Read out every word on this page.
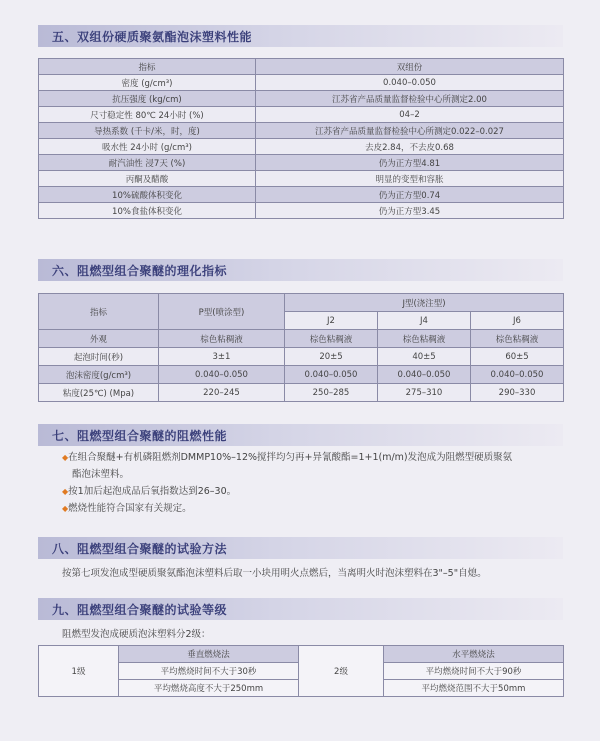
五、双组份硬质聚氨酯泡沫塑料性能
指标	双组份
密度 (g/cm³)	0.040–0.050
抗压强度 (kg/cm)	江苏省产品质量监督检验中心所测定2.00
尺寸稳定性 80℃ 24小时 (%)	04–2
导热系数 (千卡/米，时，度)	江苏省产品质量监督检验中心所测定0.022–0.027
吸水性 24小时 (g/cm³)	去皮2.84，不去皮0.68
耐汽油性 浸7天 (%)	仍为正方型4.81
丙酮及醋酸	明显的变型和容胀
10%硫酸体积变化	仍为正方型0.74
10%食盐体积变化	仍为正方型3.45
六、阻燃型组合聚醚的理化指标
指标	P型(喷涂型)	J型(浇注型)		
		J2	J4	J6
外观	棕色粘稠液	棕色粘稠液	棕色粘稠液	棕色粘稠液
起泡时间(秒)	3±1	20±5	40±5	60±5
泡沫密度(g/cm³)	0.040–0.050	0.040–0.050	0.040–0.050	0.040–0.050
粘度(25℃) (Mpa)	220–245	250–285	275–310	290–330
七、阻燃型组合聚醚的阻燃性能
◆在组合聚醚+有机磷阻燃剂DMMP10%–12%搅拌均匀再+异氰酸酯=1+1(m/m)发泡成为阻燃型硬质聚氨
酯泡沫塑料。
◆按1加后起泡成品后氧指数达到26–30。
◆燃烧性能符合国家有关规定。
八、阻燃型组合聚醚的试验方法
按第七项发泡成型硬质聚氨酯泡沫塑料后取一小块用明火点燃后，当离明火时泡沫塑料在3"–5"自熄。
九、阻燃型组合聚醚的试验等级
阻燃型发泡成硬质泡沫塑料分2级：
1级	垂直燃烧法	2级	水平燃烧法
	平均燃烧时间不大于30秒		平均燃烧时间不大于90秒
	平均燃烧高度不大于250mm		平均燃烧范围不大于50mm
